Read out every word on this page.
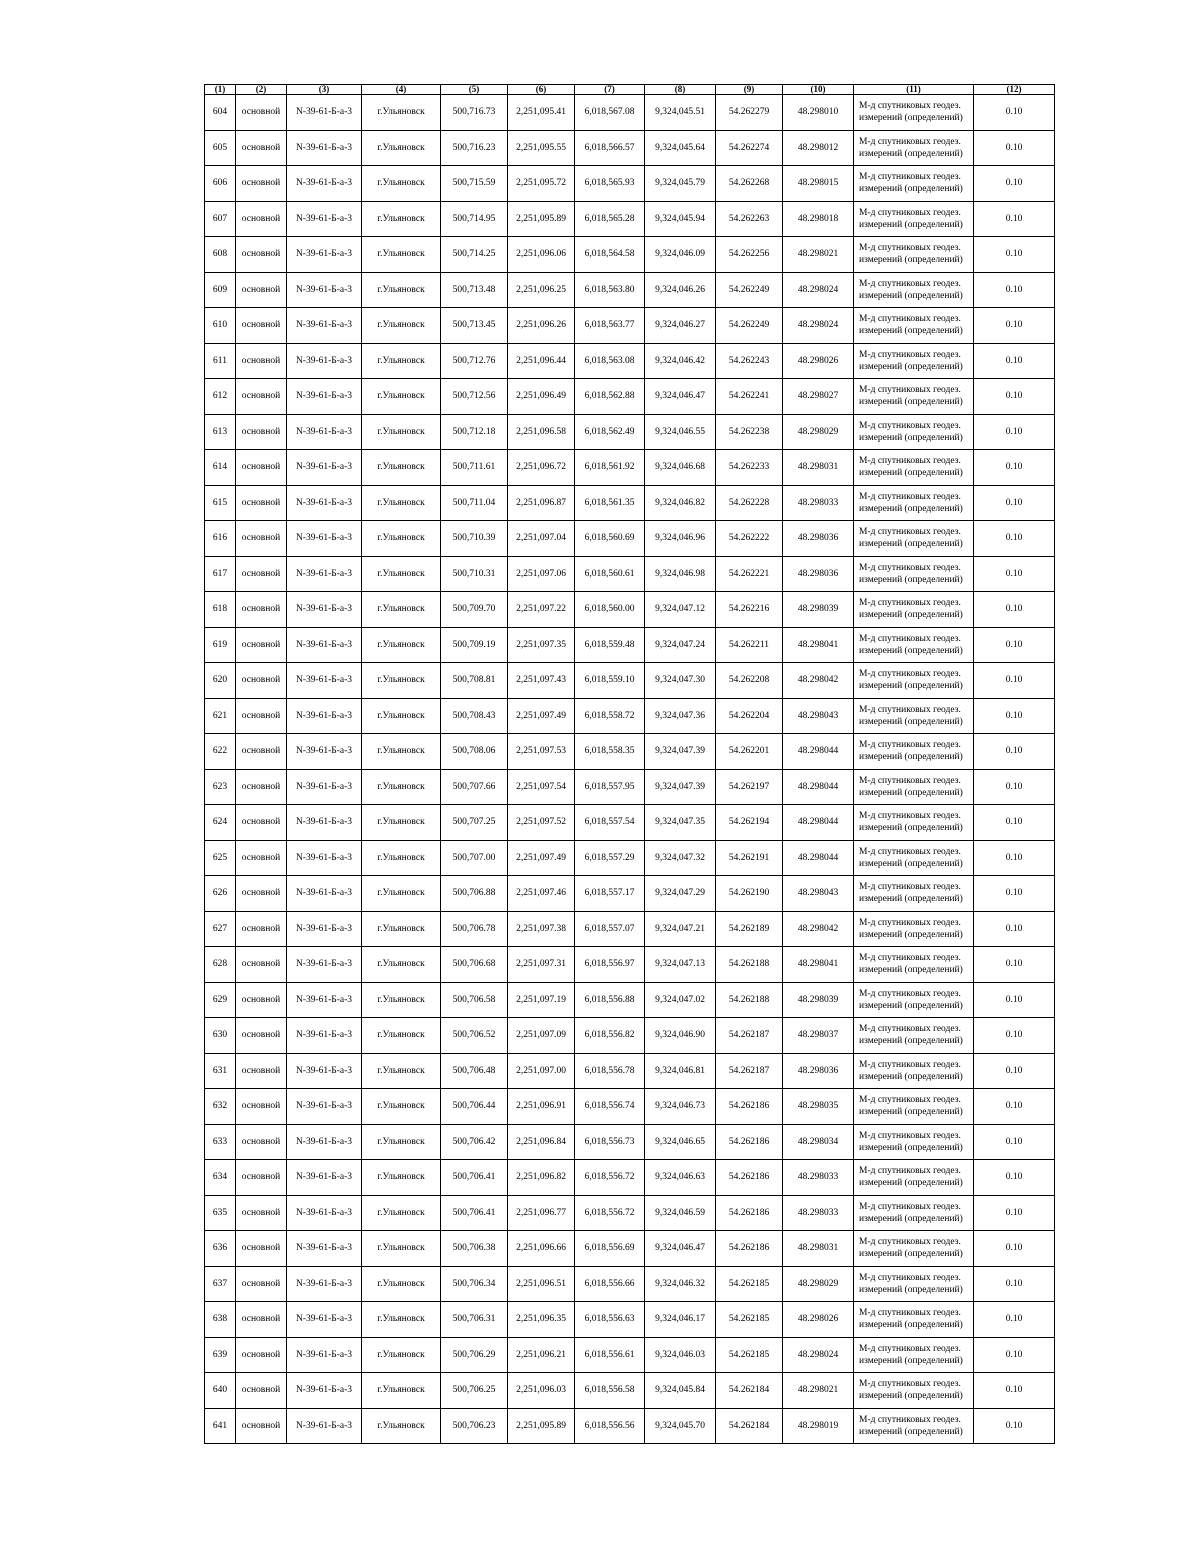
(1)	(2)	(3)	(4)	(5)	(6)	(7)	(8)	(9)	(10)	(11)	(12)
604	основной	N-39-61-Б-а-3	г.Ульяновск	500,716.73	2,251,095.41	6,018,567.08	9,324,045.51	54.262279	48.298010	М-д спутниковых геодез. измерений (определений)	0.10
605	основной	N-39-61-Б-а-3	г.Ульяновск	500,716.23	2,251,095.55	6,018,566.57	9,324,045.64	54.262274	48.298012	М-д спутниковых геодез. измерений (определений)	0.10
606	основной	N-39-61-Б-а-3	г.Ульяновск	500,715.59	2,251,095.72	6,018,565.93	9,324,045.79	54.262268	48.298015	М-д спутниковых геодез. измерений (определений)	0.10
607	основной	N-39-61-Б-а-3	г.Ульяновск	500,714.95	2,251,095.89	6,018,565.28	9,324,045.94	54.262263	48.298018	М-д спутниковых геодез. измерений (определений)	0.10
608	основной	N-39-61-Б-а-3	г.Ульяновск	500,714.25	2,251,096.06	6,018,564.58	9,324,046.09	54.262256	48.298021	М-д спутниковых геодез. измерений (определений)	0.10
609	основной	N-39-61-Б-а-3	г.Ульяновск	500,713.48	2,251,096.25	6,018,563.80	9,324,046.26	54.262249	48.298024	М-д спутниковых геодез. измерений (определений)	0.10
610	основной	N-39-61-Б-а-3	г.Ульяновск	500,713.45	2,251,096.26	6,018,563.77	9,324,046.27	54.262249	48.298024	М-д спутниковых геодез. измерений (определений)	0.10
611	основной	N-39-61-Б-а-3	г.Ульяновск	500,712.76	2,251,096.44	6,018,563.08	9,324,046.42	54.262243	48.298026	М-д спутниковых геодез. измерений (определений)	0.10
612	основной	N-39-61-Б-а-3	г.Ульяновск	500,712.56	2,251,096.49	6,018,562.88	9,324,046.47	54.262241	48.298027	М-д спутниковых геодез. измерений (определений)	0.10
613	основной	N-39-61-Б-а-3	г.Ульяновск	500,712.18	2,251,096.58	6,018,562.49	9,324,046.55	54.262238	48.298029	М-д спутниковых геодез. измерений (определений)	0.10
614	основной	N-39-61-Б-а-3	г.Ульяновск	500,711.61	2,251,096.72	6,018,561.92	9,324,046.68	54.262233	48.298031	М-д спутниковых геодез. измерений (определений)	0.10
615	основной	N-39-61-Б-а-3	г.Ульяновск	500,711.04	2,251,096.87	6,018,561.35	9,324,046.82	54.262228	48.298033	М-д спутниковых геодез. измерений (определений)	0.10
616	основной	N-39-61-Б-а-3	г.Ульяновск	500,710.39	2,251,097.04	6,018,560.69	9,324,046.96	54.262222	48.298036	М-д спутниковых геодез. измерений (определений)	0.10
617	основной	N-39-61-Б-а-3	г.Ульяновск	500,710.31	2,251,097.06	6,018,560.61	9,324,046.98	54.262221	48.298036	М-д спутниковых геодез. измерений (определений)	0.10
618	основной	N-39-61-Б-а-3	г.Ульяновск	500,709.70	2,251,097.22	6,018,560.00	9,324,047.12	54.262216	48.298039	М-д спутниковых геодез. измерений (определений)	0.10
619	основной	N-39-61-Б-а-3	г.Ульяновск	500,709.19	2,251,097.35	6,018,559.48	9,324,047.24	54.262211	48.298041	М-д спутниковых геодез. измерений (определений)	0.10
620	основной	N-39-61-Б-а-3	г.Ульяновск	500,708.81	2,251,097.43	6,018,559.10	9,324,047.30	54.262208	48.298042	М-д спутниковых геодез. измерений (определений)	0.10
621	основной	N-39-61-Б-а-3	г.Ульяновск	500,708.43	2,251,097.49	6,018,558.72	9,324,047.36	54.262204	48.298043	М-д спутниковых геодез. измерений (определений)	0.10
622	основной	N-39-61-Б-а-3	г.Ульяновск	500,708.06	2,251,097.53	6,018,558.35	9,324,047.39	54.262201	48.298044	М-д спутниковых геодез. измерений (определений)	0.10
623	основной	N-39-61-Б-а-3	г.Ульяновск	500,707.66	2,251,097.54	6,018,557.95	9,324,047.39	54.262197	48.298044	М-д спутниковых геодез. измерений (определений)	0.10
624	основной	N-39-61-Б-а-3	г.Ульяновск	500,707.25	2,251,097.52	6,018,557.54	9,324,047.35	54.262194	48.298044	М-д спутниковых геодез. измерений (определений)	0.10
625	основной	N-39-61-Б-а-3	г.Ульяновск	500,707.00	2,251,097.49	6,018,557.29	9,324,047.32	54.262191	48.298044	М-д спутниковых геодез. измерений (определений)	0.10
626	основной	N-39-61-Б-а-3	г.Ульяновск	500,706.88	2,251,097.46	6,018,557.17	9,324,047.29	54.262190	48.298043	М-д спутниковых геодез. измерений (определений)	0.10
627	основной	N-39-61-Б-а-3	г.Ульяновск	500,706.78	2,251,097.38	6,018,557.07	9,324,047.21	54.262189	48.298042	М-д спутниковых геодез. измерений (определений)	0.10
628	основной	N-39-61-Б-а-3	г.Ульяновск	500,706.68	2,251,097.31	6,018,556.97	9,324,047.13	54.262188	48.298041	М-д спутниковых геодез. измерений (определений)	0.10
629	основной	N-39-61-Б-а-3	г.Ульяновск	500,706.58	2,251,097.19	6,018,556.88	9,324,047.02	54.262188	48.298039	М-д спутниковых геодез. измерений (определений)	0.10
630	основной	N-39-61-Б-а-3	г.Ульяновск	500,706.52	2,251,097.09	6,018,556.82	9,324,046.90	54.262187	48.298037	М-д спутниковых геодез. измерений (определений)	0.10
631	основной	N-39-61-Б-а-3	г.Ульяновск	500,706.48	2,251,097.00	6,018,556.78	9,324,046.81	54.262187	48.298036	М-д спутниковых геодез. измерений (определений)	0.10
632	основной	N-39-61-Б-а-3	г.Ульяновск	500,706.44	2,251,096.91	6,018,556.74	9,324,046.73	54.262186	48.298035	М-д спутниковых геодез. измерений (определений)	0.10
633	основной	N-39-61-Б-а-3	г.Ульяновск	500,706.42	2,251,096.84	6,018,556.73	9,324,046.65	54.262186	48.298034	М-д спутниковых геодез. измерений (определений)	0.10
634	основной	N-39-61-Б-а-3	г.Ульяновск	500,706.41	2,251,096.82	6,018,556.72	9,324,046.63	54.262186	48.298033	М-д спутниковых геодез. измерений (определений)	0.10
635	основной	N-39-61-Б-а-3	г.Ульяновск	500,706.41	2,251,096.77	6,018,556.72	9,324,046.59	54.262186	48.298033	М-д спутниковых геодез. измерений (определений)	0.10
636	основной	N-39-61-Б-а-3	г.Ульяновск	500,706.38	2,251,096.66	6,018,556.69	9,324,046.47	54.262186	48.298031	М-д спутниковых геодез. измерений (определений)	0.10
637	основной	N-39-61-Б-а-3	г.Ульяновск	500,706.34	2,251,096.51	6,018,556.66	9,324,046.32	54.262185	48.298029	М-д спутниковых геодез. измерений (определений)	0.10
638	основной	N-39-61-Б-а-3	г.Ульяновск	500,706.31	2,251,096.35	6,018,556.63	9,324,046.17	54.262185	48.298026	М-д спутниковых геодез. измерений (определений)	0.10
639	основной	N-39-61-Б-а-3	г.Ульяновск	500,706.29	2,251,096.21	6,018,556.61	9,324,046.03	54.262185	48.298024	М-д спутниковых геодез. измерений (определений)	0.10
640	основной	N-39-61-Б-а-3	г.Ульяновск	500,706.25	2,251,096.03	6,018,556.58	9,324,045.84	54.262184	48.298021	М-д спутниковых геодез. измерений (определений)	0.10
641	основной	N-39-61-Б-а-3	г.Ульяновск	500,706.23	2,251,095.89	6,018,556.56	9,324,045.70	54.262184	48.298019	М-д спутниковых геодез. измерений (определений)	0.10
